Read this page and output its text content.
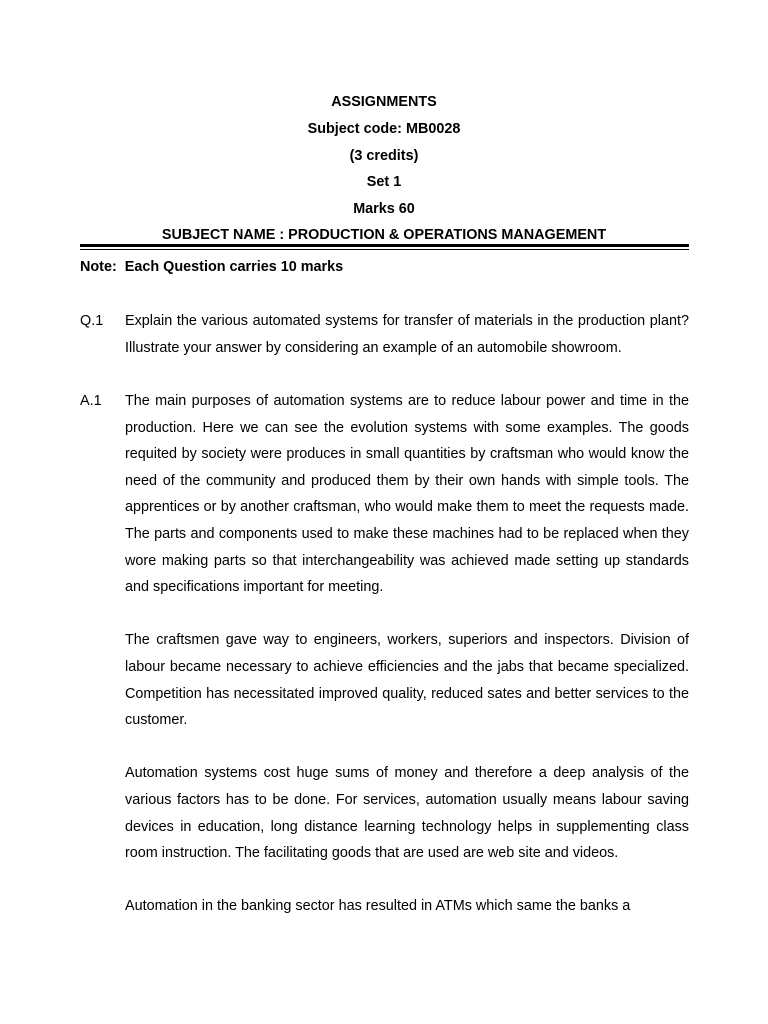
ASSIGNMENTS
Subject code: MB0028
(3 credits)
Set 1
Marks 60
SUBJECT NAME : PRODUCTION & OPERATIONS MANAGEMENT
Note:  Each Question carries 10 marks
Q.1 Explain the various automated systems for transfer of materials in the production plant? Illustrate your answer by considering an example of an automobile showroom.

A.1 The main purposes of automation systems are to reduce labour power and time in the production. Here we can see the evolution systems with some examples. The goods requited by society were produces in small quantities by craftsman who would know the need of the community and produced them by their own hands with simple tools. The apprentices or by another craftsman, who would make them to meet the requests made. The parts and components used to make these machines had to be replaced when they wore making parts so that interchangeability was achieved made setting up standards and specifications important for meeting.

The craftsmen gave way to engineers, workers, superiors and inspectors. Division of labour became necessary to achieve efficiencies and the jabs that became specialized. Competition has necessitated improved quality, reduced sates and better services to the customer.

Automation systems cost huge sums of money and therefore a deep analysis of the various factors has to be done. For services, automation usually means labour saving devices in education, long distance learning technology helps in supplementing class room instruction. The facilitating goods that are used are web site and videos.

Automation in the banking sector has resulted in ATMs which same the banks a
